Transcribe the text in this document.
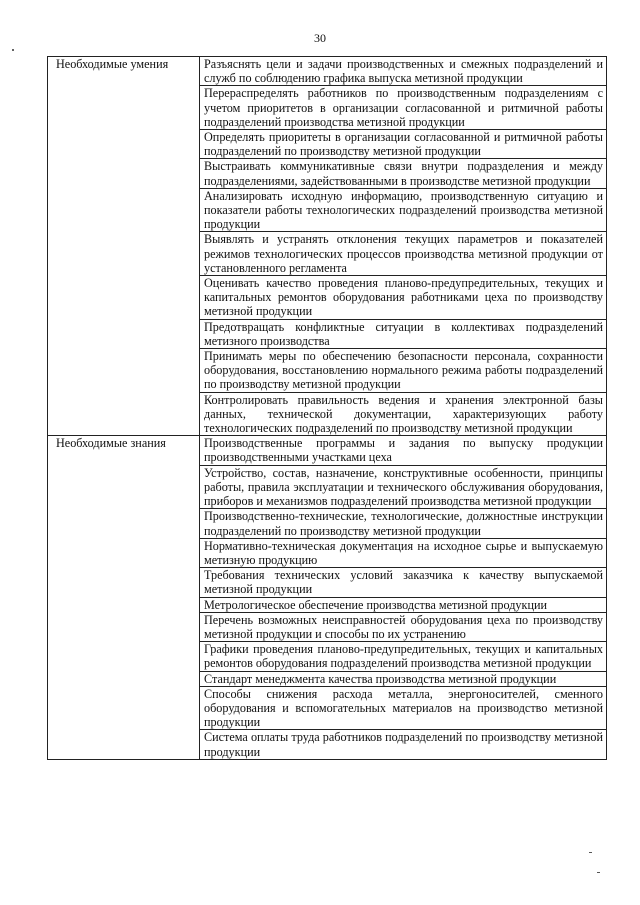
30
Необходимые умения	Разъяснять цели и задачи производственных и смежных подразделений и служб по соблюдению графика выпуска метизной продукции
	Перераспределять работников по производственным подразделениям с учетом приоритетов в организации согласованной и ритмичной работы подразделений производства метизной продукции
	Определять приоритеты в организации согласованной и ритмичной работы подразделений по производству метизной продукции
	Выстраивать коммуникативные связи внутри подразделения и между подразделениями, задействованными в производстве метизной продукции
	Анализировать исходную информацию, производственную ситуацию и показатели работы технологических подразделений производства метизной продукции
	Выявлять и устранять отклонения текущих параметров и показателей режимов технологических процессов производства метизной продукции от установленного регламента
	Оценивать качество проведения планово-предупредительных, текущих и капитальных ремонтов оборудования работниками цеха по производству метизной продукции
	Предотвращать конфликтные ситуации в коллективах подразделений метизного производства
	Принимать меры по обеспечению безопасности персонала, сохранности оборудования, восстановлению нормального режима работы подразделений по производству метизной продукции
	Контролировать правильность ведения и хранения электронной базы данных, технической документации, характеризующих работу технологических подразделений по производству метизной продукции
Необходимые знания	Производственные программы и задания по выпуску продукции производственными участками цеха
	Устройство, состав, назначение, конструктивные особенности, принципы работы, правила эксплуатации и технического обслуживания оборудования, приборов и механизмов подразделений производства метизной продукции
	Производственно-технические, технологические, должностные инструкции подразделений по производству метизной продукции
	Нормативно-техническая документация на исходное сырье и выпускаемую метизную продукцию
	Требования технических условий заказчика к качеству выпускаемой метизной продукции
	Метрологическое обеспечение производства метизной продукции
	Перечень возможных неисправностей оборудования цеха по производству метизной продукции и способы по их устранению
	Графики проведения планово-предупредительных, текущих и капитальных ремонтов оборудования подразделений производства метизной продукции
	Стандарт менеджмента качества производства метизной продукции
	Способы снижения расхода металла, энергоносителей, сменного оборудования и вспомогательных материалов на производство метизной продукции
	Система оплаты труда работников подразделений по производству метизной продукции
